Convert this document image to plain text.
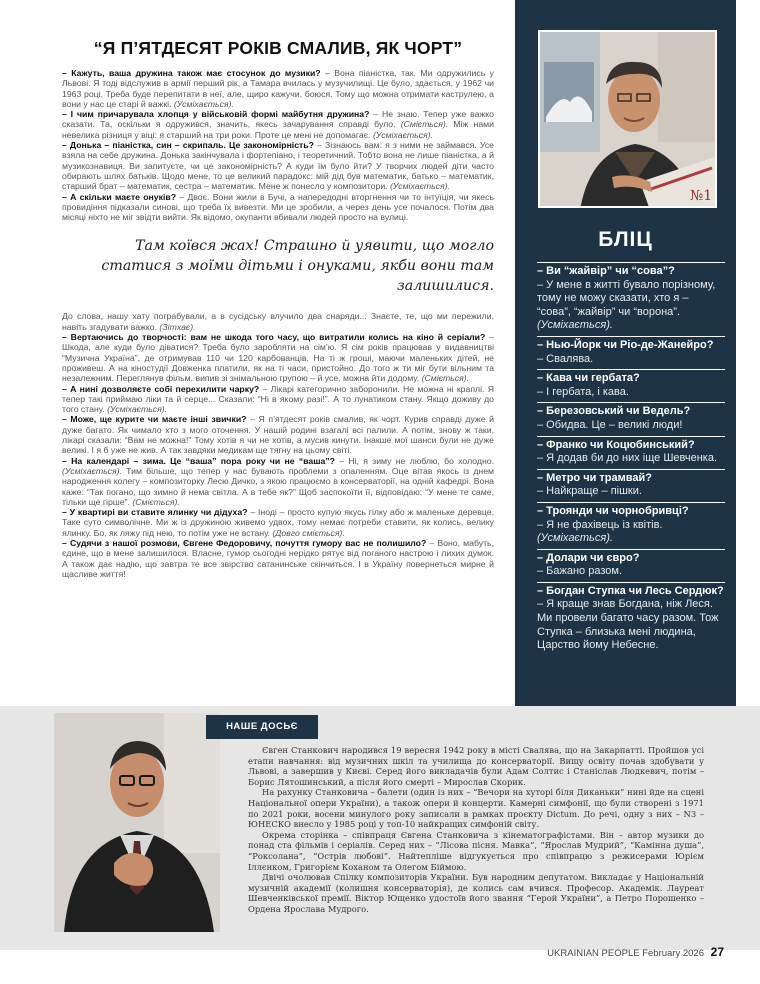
“Я П’ЯТДЕСЯТ РОКІВ СМАЛИВ, ЯК ЧОРТ”
– Кажуть, ваша дружина також має стосунок до музики? – Вона піаністка, так. Ми одружились у Львові. Я тоді відслужив в армії перший рік, а Тамара вчилась у музучилищі. Це було, здається, у 1962 чи 1963 році. Треба буде перепитати в неї, але, щиро кажучи, боюся. Тому що можна отримати каструлею, а вони у нас це старі й важкі. (Усміхається).
– І чим причарувала хлопця у військовій формі майбутня дружина? – Не знаю. Тепер уже важко сказати. Та, оскільки я одружився, значить, якесь зачарування справді було. (Сміється). Між нами невелика різниця у віці: я старший на три роки. Проте це мені не допомагає. (Усміхається).
– Донька – піаністка, син – скрипаль. Це закономірність? – Зізнаюсь вам: я з ними не займався. Усе взяла на себе дружина. Донька закінчувала і фортепіано, і теоретичний. Тобто вона не лише піаністка, а й музикознавиця. Ви запитуєте, чи це закономірність? А куди їм було йти? У творчих людей діти часто обирають шлях батьків. Щодо мене, то це великий парадокс: мій дід був математик, батько – математик, старший брат – математик, сестра – математик. Мене ж понесло у композитори. (Усміхається).
– А скільки маєте онуків? – Двоє. Вони жили в Бучі, а напередодні вторгнення чи то інтуїція, чи якесь провидіння підказали синові, що треба їх вивезти. Ми це зробили, а через день усе почалося. Потім два місяці ніхто не міг звідти вийти. Як відомо, окупанти вбивали людей просто на вулиці.
Там коївся жах! Страшно й уявити, що могло статися з моїми дітьми і онуками, якби вони там залишилися.
До слова, нашу хату пограбували, а в сусідську влучило два снаряди... Знаєте, те, що ми пережили, навіть згадувати важко. (Зітхає).
– Вертаючись до творчості: вам не шкода того часу, що витратили колись на кіно й серіали? – Шкода, але куди було діватися? Треба було заробляти на сім’ю. Я сім років працював у видавництві “Музична Україна”, де отримував 110 чи 120 карбованців. На ті ж гроші, маючи маленьких дітей, не проживеш. А на кіностудії Довженка платили, як на ті часи, пристойно. До того ж ти міг бути вільним та незалежним. Переглянув фільм, випив зі знімальною групою – й усе, можна йти додому. (Сміється).
– А нині дозволяєте собі перехилити чарку? – Лікарі категорично заборонили. Не можна ні краплі. Я тепер такі приймаю ліки та й серце... Сказали: “Ні в якому разі!”. А то лунатиком стану. Якщо доживу до того стану. (Усміхається).
– Може, ще курите чи маєте інші звички? – Я п’ятдесят років смалив, як чорт. Курив справді дуже й дуже багато. Як чимало хто з мого оточення. У нашій родині взагалі всі палили. А потім, знову ж таки, лікарі сказали: “Вам не можна!” Тому хотів я чи не хотів, а мусив кинути. Інакше мої шанси були не дуже великі. І я б уже не жив. А так завдяки медикам ще тягну на цьому світі.
– На календарі – зима. Це “ваша” пора року чи не “ваша”? – Ні, я зиму не люблю, бо холодно. (Усміхається). Тим більше, що тепер у нас бувають проблеми з опаленням. Оце вітав якось із днем народження колегу – композиторку Лесю Дичко, з якою працюємо в консерваторії, на одній кафедрі. Вона каже: “Так погано, що зимно й нема світла. А в тебе як?” Щоб заспокоїти її, відповідаю: “У мене те саме, тільки ще гірше”. (Сміється).
– У квартирі ви ставите ялинку чи дідуха? – Іноді – просто купую якусь гілку або ж маленьке деревце. Таке суто символічне. Ми ж із дружиною живемо удвох, тому немає потреби ставити, як колись, велику ялинку. Бо, як ляжу під нею, то потім уже не встану. (Довго сміється).
– Судячи з нашої розмови, Євгене Федоровичу, почуття гумору вас не полишило? – Воно, мабуть, єдине, що в мене залишилося. Власне, гумор сьогодні нерідко рятує від поганого настрою і лихих думок. А також дає надію, що завтра те все звірство сатанинське скінчиться. І в Україну повернеться мирне й щасливе життя!
№1
БЛІЦ
– Ви “жайвір” чи “сова”?
– У мене в житті бувало порізному, тому не можу сказати, хто я – “сова”, “жайвір” чи “ворона”. (Усміхається).
– Нью-Йорк чи Ріо-де-Жанейро?
– Свалява.
– Кава чи гербата?
– І гербата, і кава.
– Березовський чи Ведель?
– Обидва. Це – великі люди!
– Франко чи Коцюбинський?
– Я додав би до них іще Шевченка.
– Метро чи трамвай?
– Найкраще – пішки.
– Троянди чи чорнобривці?
– Я не фахівець із квітів. (Усміхається).
– Долари чи євро?
– Бажано разом.
– Богдан Ступка чи Лесь Сердюк?
– Я краще знав Богдана, ніж Леся. Ми провели багато часу разом. Тож Ступка – близька мені людина, Царство йому Небесне.
НАШЕ ДОСЬЄ

Євген Станкович народився 19 вересня 1942 року в місті Свалява, що на Закарпатті. Пройшов усі етапи навчання: від музичних шкіл та училища до консерваторії. Вищу освіту почав здобувати у Львові, а завершив у Києві. Серед його викладачів були Адам Солтис і Станіслав Людкевич, потім – Борис Лятошинський, а після його смерті – Мирослав Скорик.

На рахунку Станковича – балети (один із них – “Вечори на хуторі біля Диканьки” нині йде на сцені Національної опери України), а також опери й концерти. Камерні симфонії, що були створені з 1971 по 2021 роки, восени минулого року записали в рамках проєкту Dictum. До речі, одну з них – N3 – ЮНЕСКО внесло у 1985 році у топ-10 найкращих симфоній світу.

Окрема сторінка – співпраця Євгена Станковича з кінематографістами. Він – автор музики до понад ста фільмів і серіалів. Серед них – “Лісова пісня. Мавка”, “Ярослав Мудрий”, “Камінна душа”, “Роксолана”, “Острів любові”. Найтепліше відгукується про співпрацю з режисерами Юрієм Іллєнком, Григорієм Кохaном та Олегом Біймою.

Двічі очолював Спілку композиторів України. Був народним депутатом. Викладає у Національній музичній академії (колишня консерваторія), де колись сам вчився. Професор. Академік. Лауреат Шевченківської премії. Віктор Ющенко удостоїв його звання “Герой України”, а Петро Порошенко – Ордена Ярослава Мудрого.

UKRAINIAN PEOPLE February 2026 27
